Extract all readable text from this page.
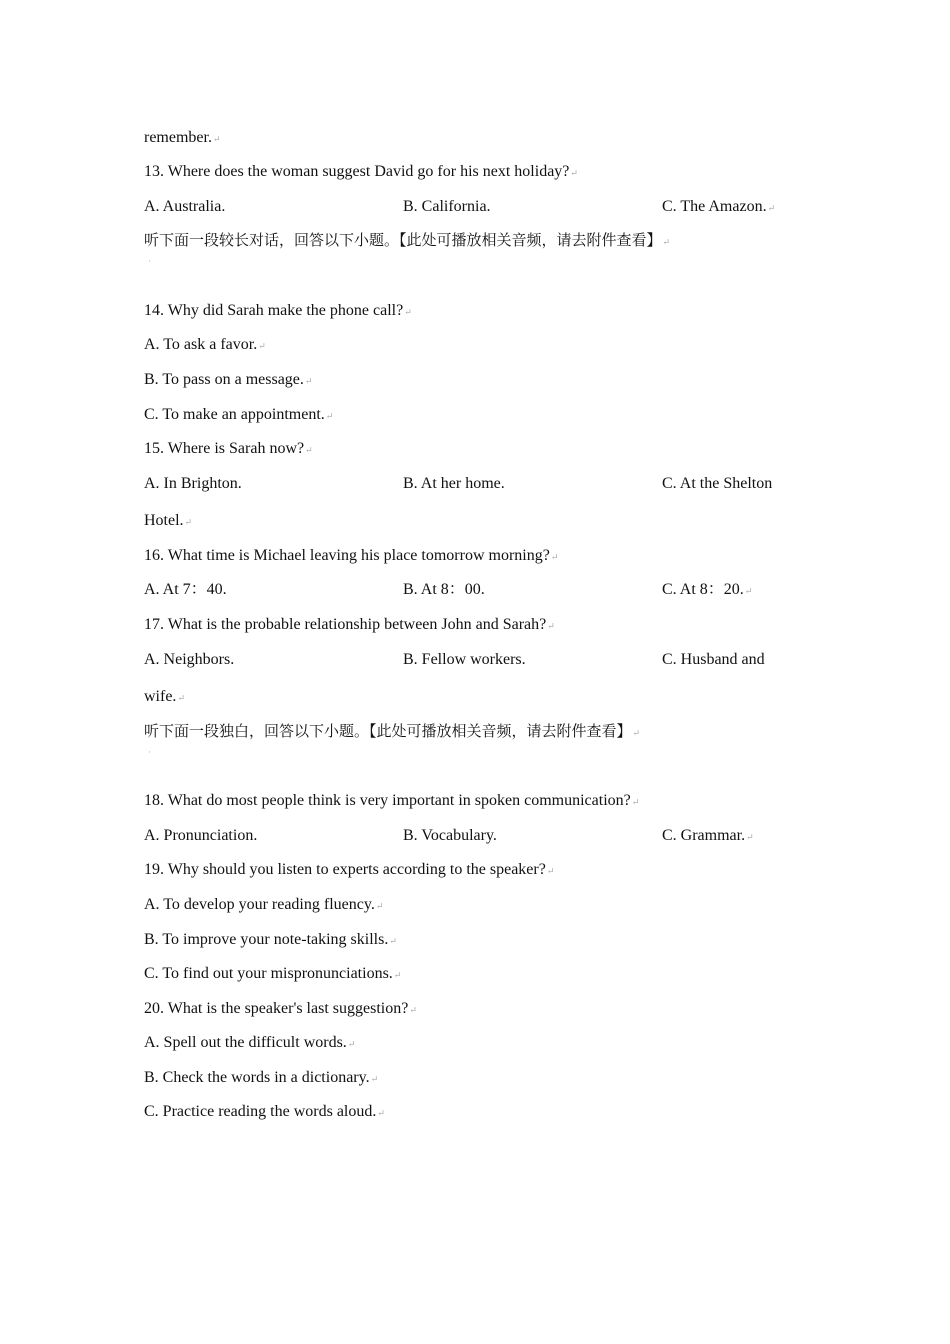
remember.↵
13. Where does the woman suggest David go for his next holiday?↵
A. Australia.	B. California.	C. The Amazon.↵
听下面一段较长对话，回答以下小题。【此处可播放相关音频，请去附件查看】↵
·
14. Why did Sarah make the phone call?↵
A. To ask a favor.↵
B. To pass on a message.↵
C. To make an appointment.↵
15. Where is Sarah now?↵
A. In Brighton.	B. At her home.	C. At the Shelton
Hotel.↵
16. What time is Michael leaving his place tomorrow morning?↵
A. At 7：40.	B. At 8：00.	C. At 8：20.↵
17. What is the probable relationship between John and Sarah?↵
A. Neighbors.	B. Fellow workers.	C. Husband and
wife.↵
听下面一段独白，回答以下小题。【此处可播放相关音频，请去附件查看】↵
·
18. What do most people think is very important in spoken communication?↵
A. Pronunciation.	B. Vocabulary.	C. Grammar.↵
19. Why should you listen to experts according to the speaker?↵
A. To develop your reading fluency.↵
B. To improve your note-taking skills.↵
C. To find out your mispronunciations.↵
20. What is the speaker's last suggestion?↵
A. Spell out the difficult words.↵
B. Check the words in a dictionary.↵
C. Practice reading the words aloud.↵
